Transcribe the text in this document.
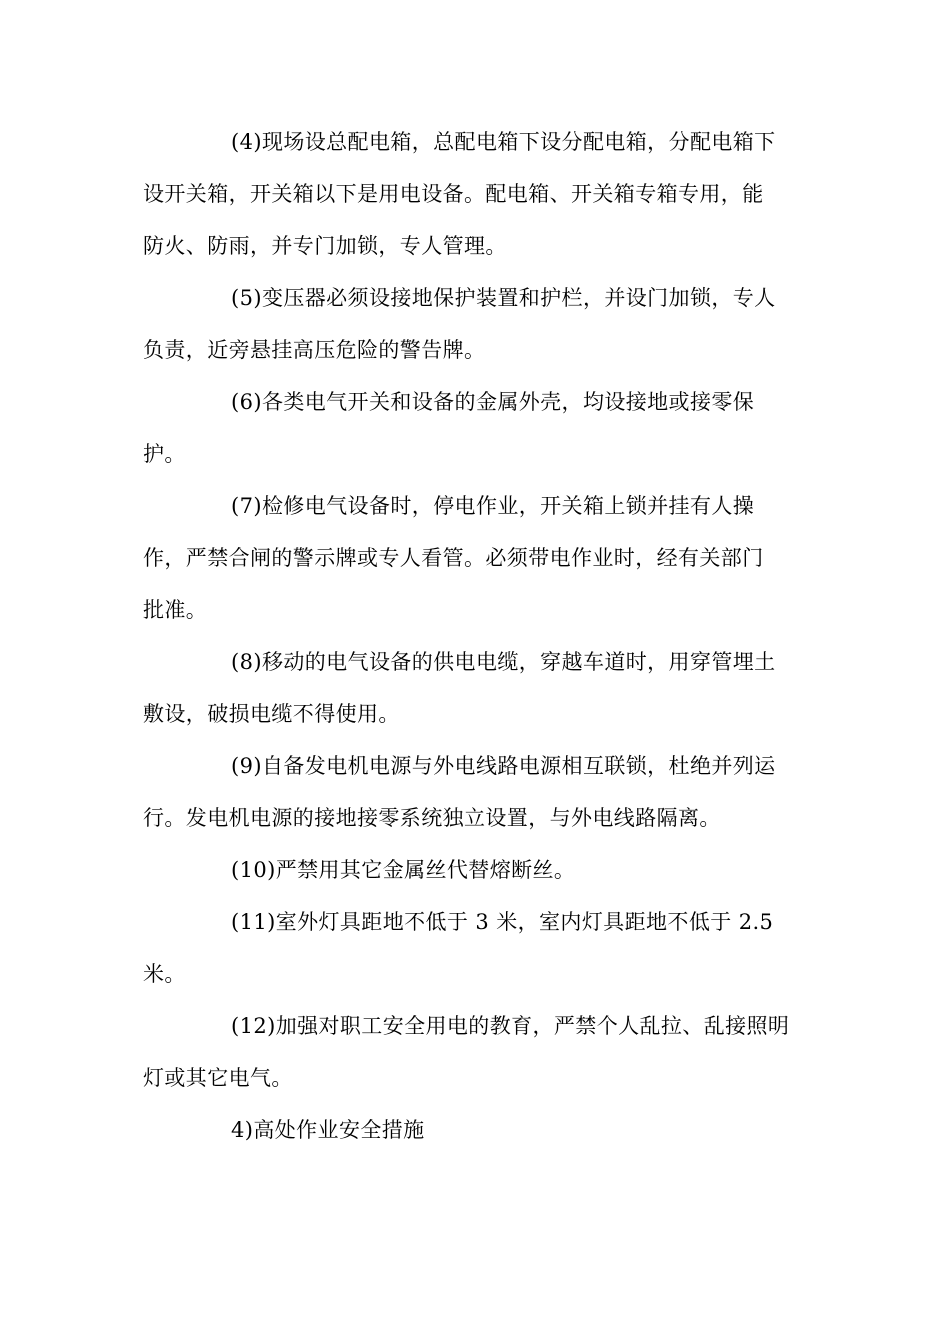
(4)现场设总配电箱，总配电箱下设分配电箱，分配电箱下
设开关箱，开关箱以下是用电设备。配电箱、开关箱专箱专用，能
防火、防雨，并专门加锁，专人管理。

(5)变压器必须设接地保护装置和护栏，并设门加锁，专人
负责，近旁悬挂高压危险的警告牌。

(6)各类电气开关和设备的金属外壳，均设接地或接零保
护。

(7)检修电气设备时，停电作业，开关箱上锁并挂有人操
作，严禁合闸的警示牌或专人看管。必须带电作业时，经有关部门
批准。

(8)移动的电气设备的供电电缆，穿越车道时，用穿管埋土
敷设，破损电缆不得使用。

(9)自备发电机电源与外电线路电源相互联锁，杜绝并列运
行。发电机电源的接地接零系统独立设置，与外电线路隔离。

(10)严禁用其它金属丝代替熔断丝。

(11)室外灯具距地不低于 3 米，室内灯具距地不低于 2.5
米。

(12)加强对职工安全用电的教育，严禁个人乱拉、乱接照明
灯或其它电气。

4)高处作业安全措施
